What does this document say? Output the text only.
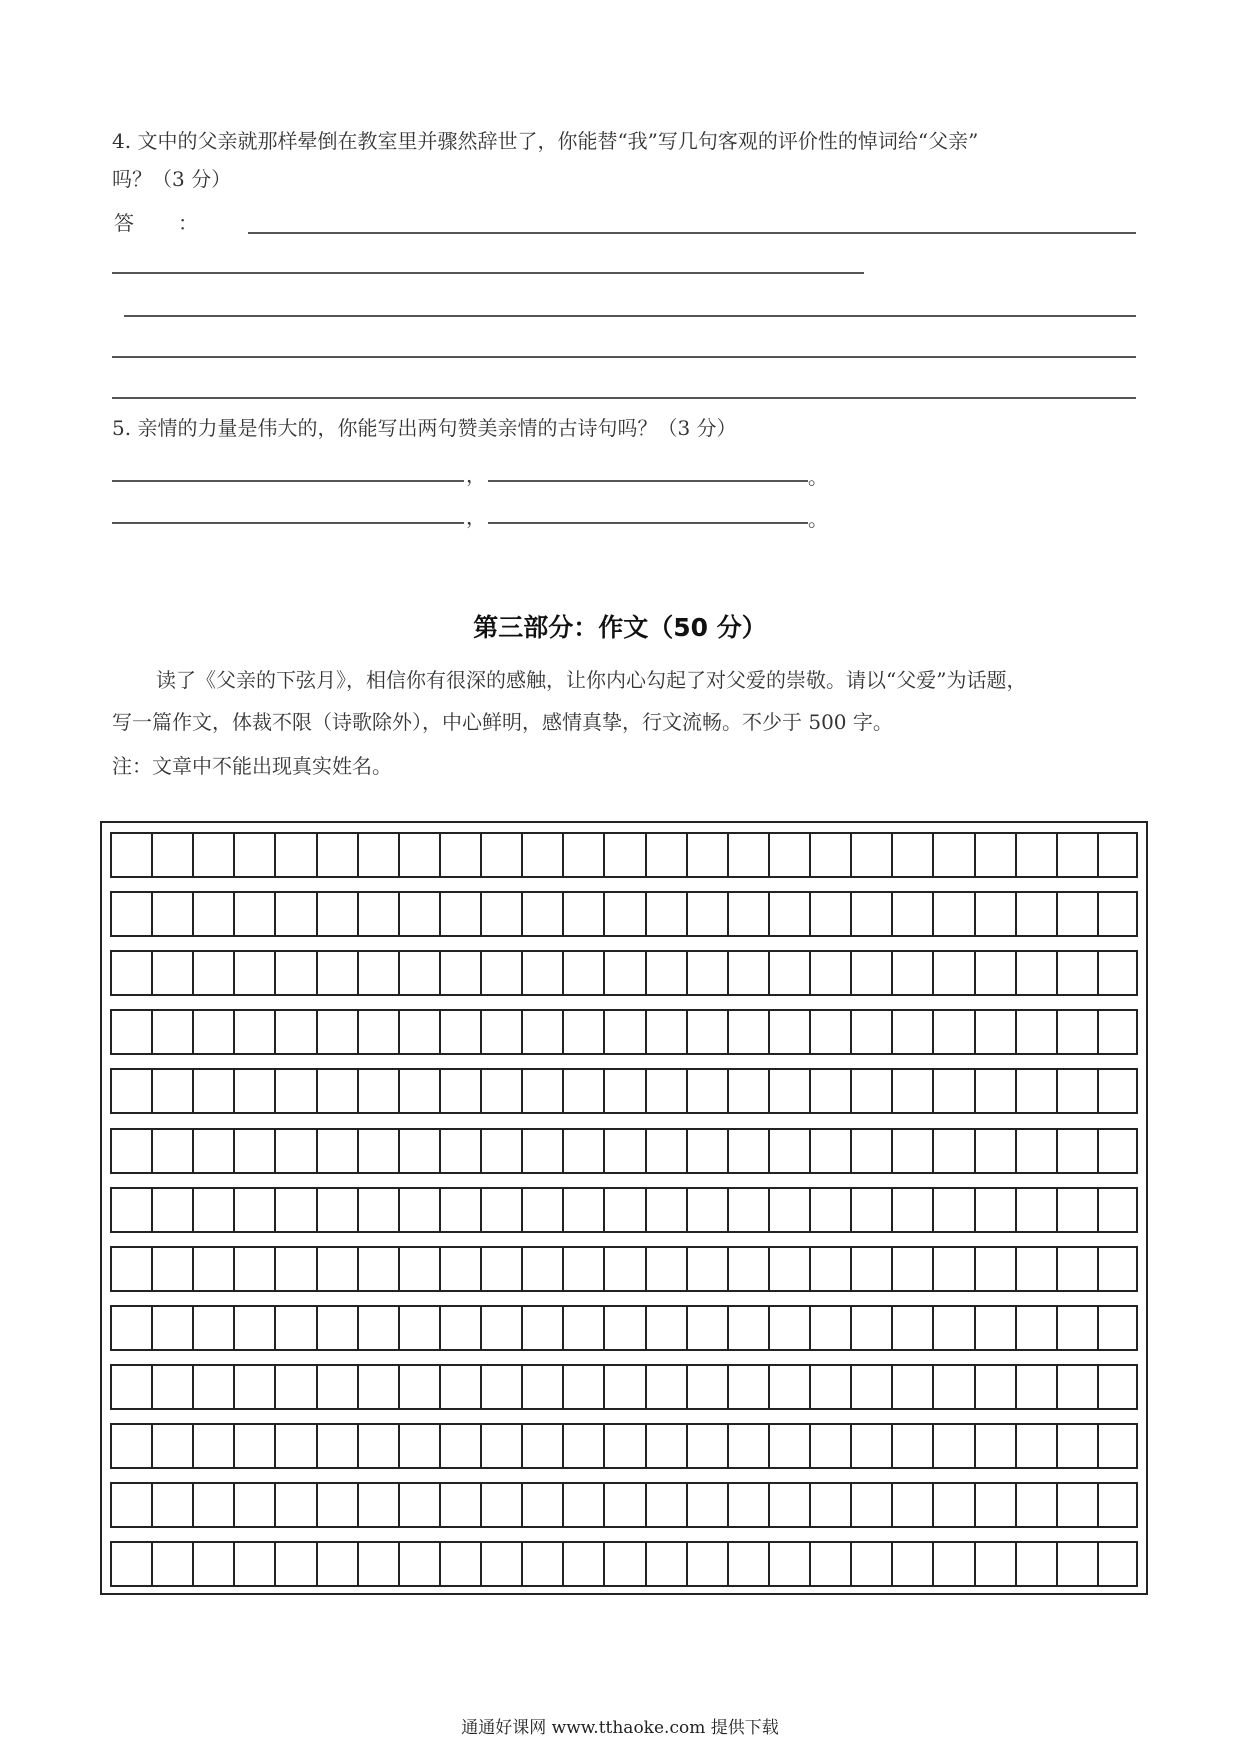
4. 文中的父亲就那样晕倒在教室里并骤然辞世了，你能替“我”写几句客观的评价性的悼词给“父亲”
吗？（3 分）
答 ：
5. 亲情的力量是伟大的，你能写出两句赞美亲情的古诗句吗？（3 分）
，	。
，	。
第三部分：作文（50 分）
读了《父亲的下弦月》，相信你有很深的感触，让你内心勾起了对父爱的崇敬。请以“父爱”为话题，
写一篇作文，体裁不限（诗歌除外），中心鲜明，感情真挚，行文流畅。不少于 500 字。
注：文章中不能出现真实姓名。
通通好课网 www.tthaoke.com 提供下载
